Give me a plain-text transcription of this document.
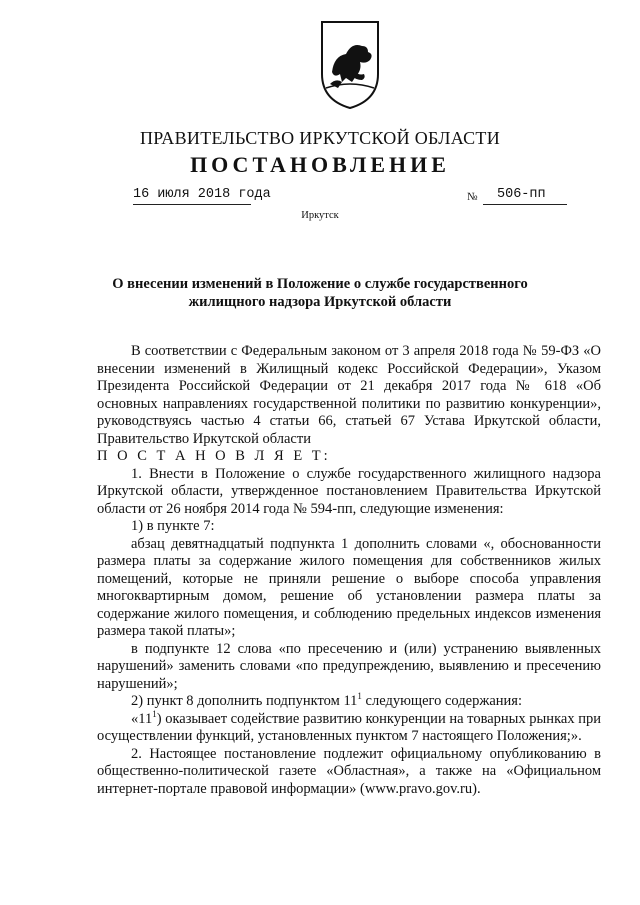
ПРАВИТЕЛЬСТВО ИРКУТСКОЙ ОБЛАСТИ
ПОСТАНОВЛЕНИЕ
16 июля 2018 года	№ 506-пп
Иркутск
О внесении изменений в Положение о службе государственного жилищного надзора Иркутской области

В соответствии с Федеральным законом от 3 апреля 2018 года № 59-ФЗ «О внесении изменений в Жилищный кодекс Российской Федерации», Указом Президента Российской Федерации от 21 декабря 2017 года № 618 «Об основных направлениях государственной политики по развитию конкуренции», руководствуясь частью 4 статьи 66, статьей 67 Устава Иркутской области, Правительство Иркутской области

П О С Т А Н О В Л Я Е Т:

1. Внести в Положение о службе государственного жилищного надзора Иркутской области, утвержденное постановлением Правительства Иркутской области от 26 ноября 2014 года № 594-пп, следующие изменения:

1) в пункте 7:

абзац девятнадцатый подпункта 1 дополнить словами «, обоснованности размера платы за содержание жилого помещения для собственников жилых помещений, которые не приняли решение о выборе способа управления многоквартирным домом, решение об установлении размера платы за содержание жилого помещения, и соблюдению предельных индексов изменения размера такой платы»;

в подпункте 12 слова «по пресечению и (или) устранению выявленных нарушений» заменить словами «по предупреждению, выявлению и пресечению нарушений»;

2) пункт 8 дополнить подпунктом $11^1$ следующего содержания:

«$11^1$) оказывает содействие развитию конкуренции на товарных рынках при осуществлении функций, установленных пунктом 7 настоящего Положения;».

2. Настоящее постановление подлежит официальному опубликованию в общественно-политической газете «Областная», а также на «Официальном интернет-портале правовой информации» (www.pravo.gov.ru).
